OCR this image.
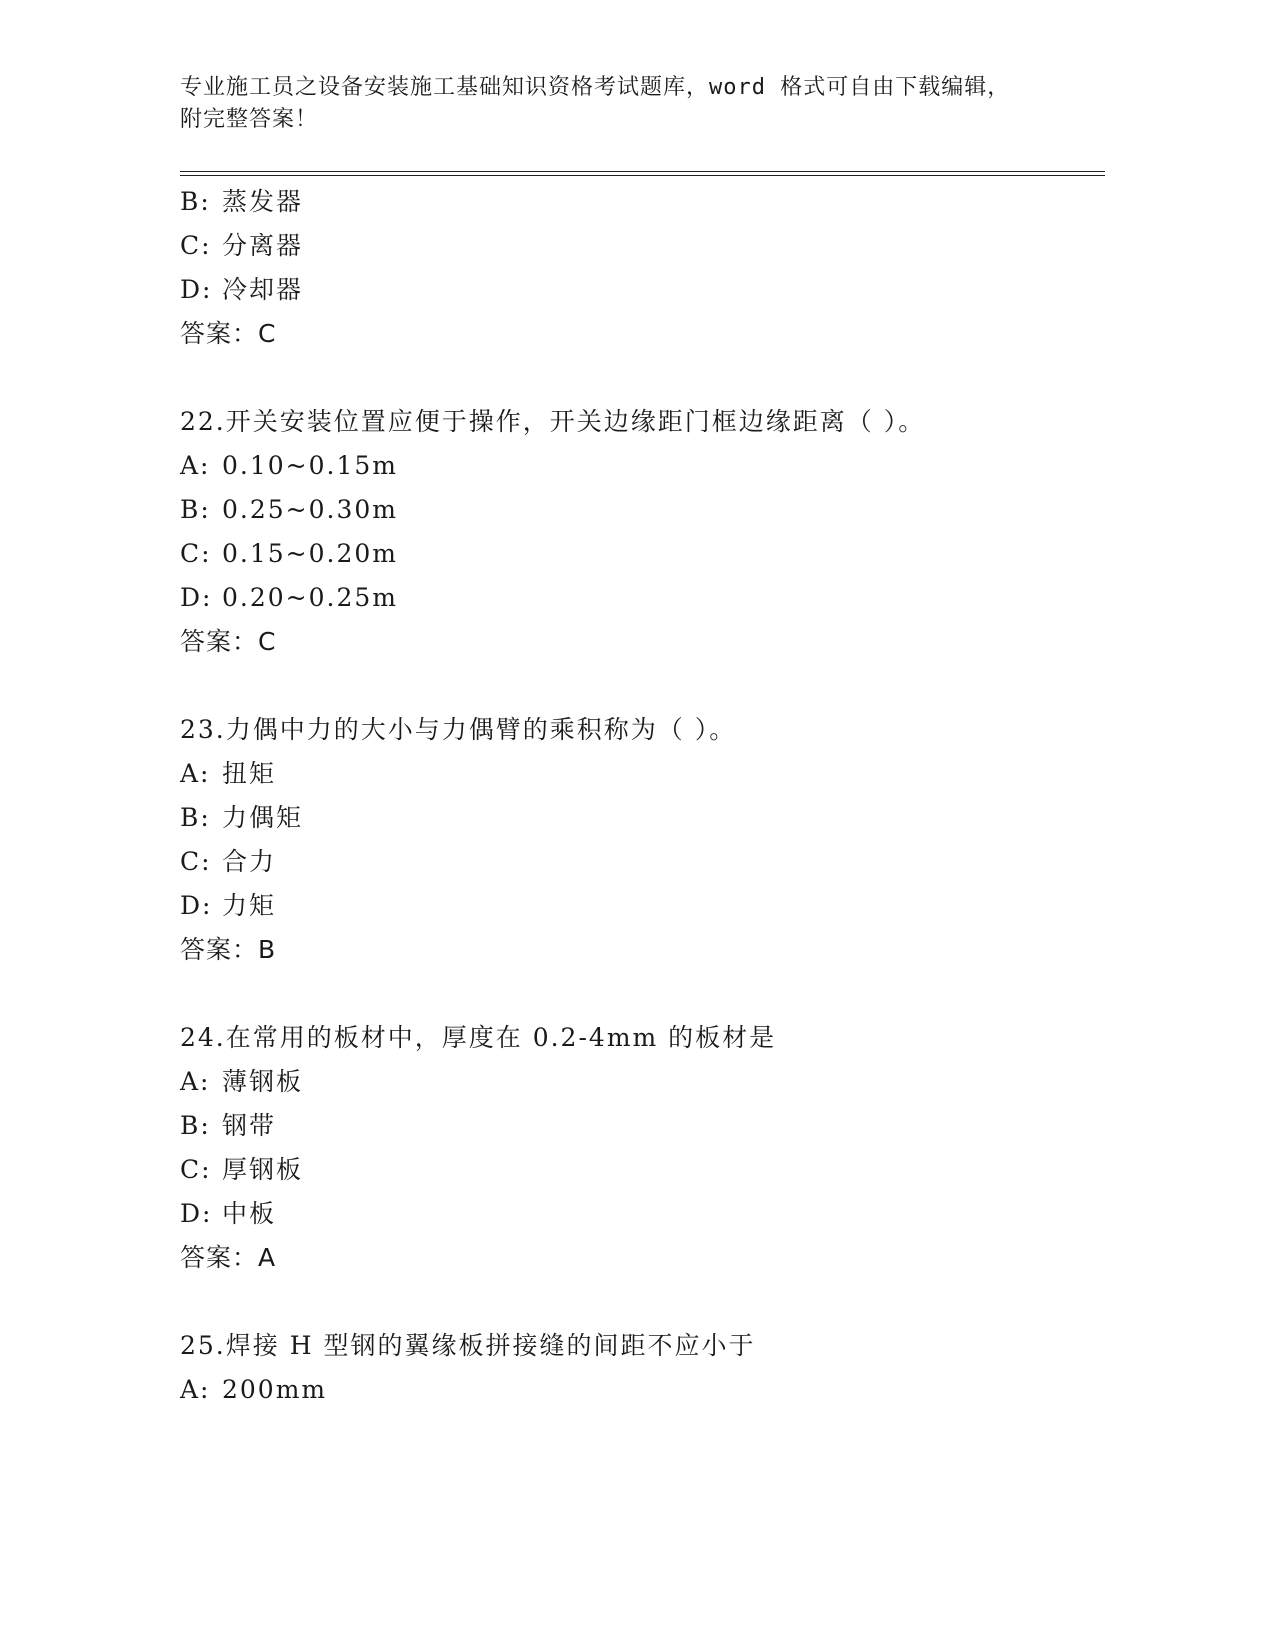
专业施工员之设备安装施工基础知识资格考试题库，word 格式可自由下载编辑，
附完整答案！
B: 蒸发器
C: 分离器
D: 冷却器
答案：C
22.开关安装位置应便于操作，开关边缘距门框边缘距离（ ）。
A: 0.10~0.15m
B: 0.25~0.30m
C: 0.15~0.20m
D: 0.20~0.25m
答案：C
23.力偶中力的大小与力偶臂的乘积称为（ ）。
A: 扭矩
B: 力偶矩
C: 合力
D: 力矩
答案：B
24.在常用的板材中，厚度在 0.2-4mm 的板材是
A: 薄钢板
B: 钢带
C: 厚钢板
D: 中板
答案：A
25.焊接 H 型钢的翼缘板拼接缝的间距不应小于
A: 200mm
